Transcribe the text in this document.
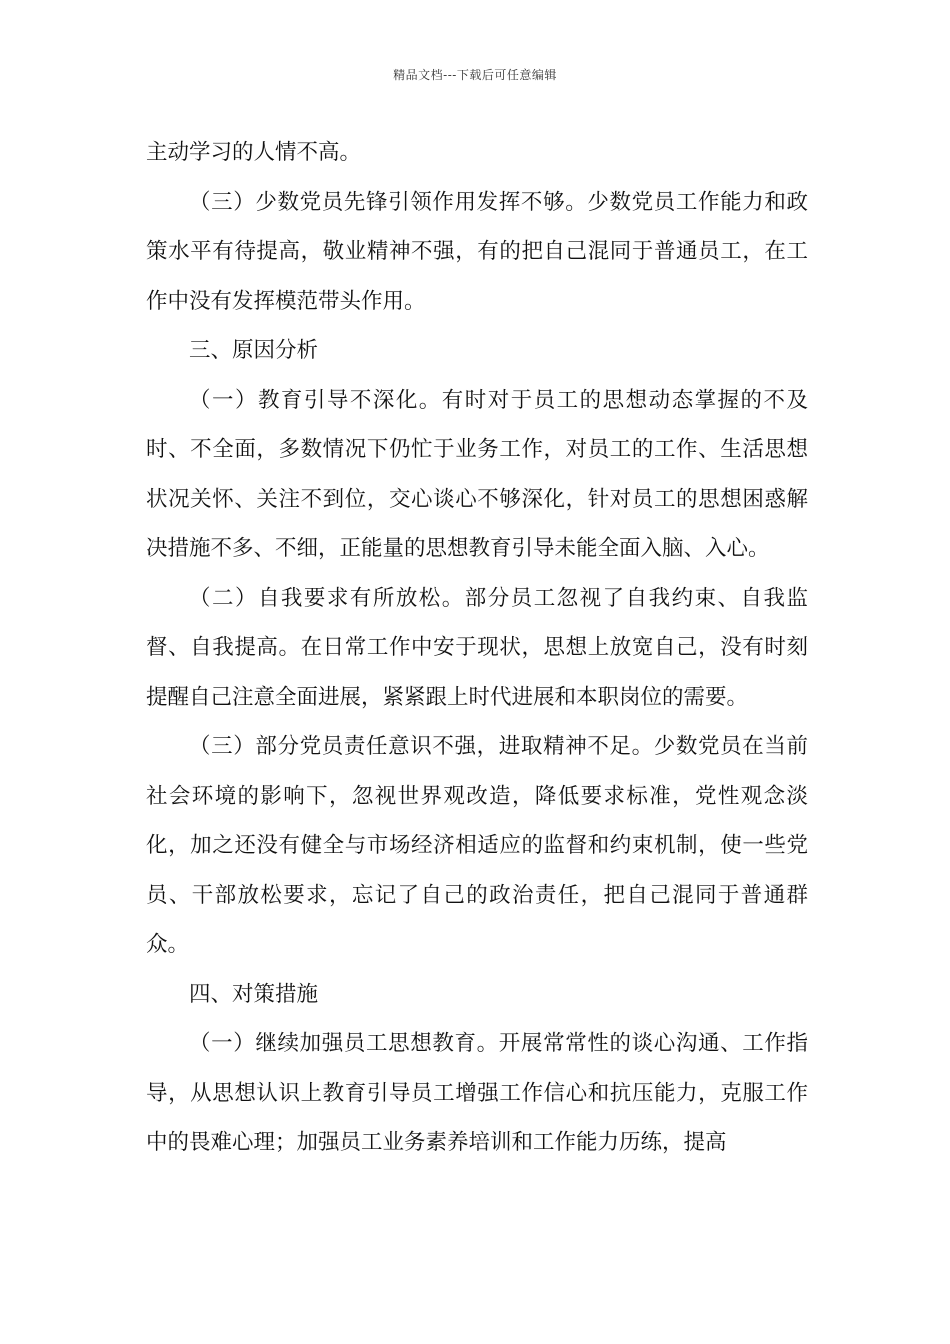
精品文档---下载后可任意编辑

主动学习的人情不高。

（三）少数党员先锋引领作用发挥不够。少数党员工作能力和政策水平有待提高，敬业精神不强，有的把自己混同于普通员工，在工作中没有发挥模范带头作用。

三、原因分析

（一）教育引导不深化。有时对于员工的思想动态掌握的不及时、不全面，多数情况下仍忙于业务工作，对员工的工作、生活思想状况关怀、关注不到位，交心谈心不够深化，针对员工的思想困惑解决措施不多、不细，正能量的思想教育引导未能全面入脑、入心。

（二）自我要求有所放松。部分员工忽视了自我约束、自我监督、自我提高。在日常工作中安于现状，思想上放宽自己，没有时刻提醒自己注意全面进展，紧紧跟上时代进展和本职岗位的需要。

（三）部分党员责任意识不强，进取精神不足。少数党员在当前社会环境的影响下，忽视世界观改造，降低要求标准，党性观念淡化，加之还没有健全与市场经济相适应的监督和约束机制，使一些党员、干部放松要求，忘记了自己的政治责任，把自己混同于普通群众。

四、对策措施

（一）继续加强员工思想教育。开展常常性的谈心沟通、工作指导，从思想认识上教育引导员工增强工作信心和抗压能力，克服工作中的畏难心理；加强员工业务素养培训和工作能力历练，提高
